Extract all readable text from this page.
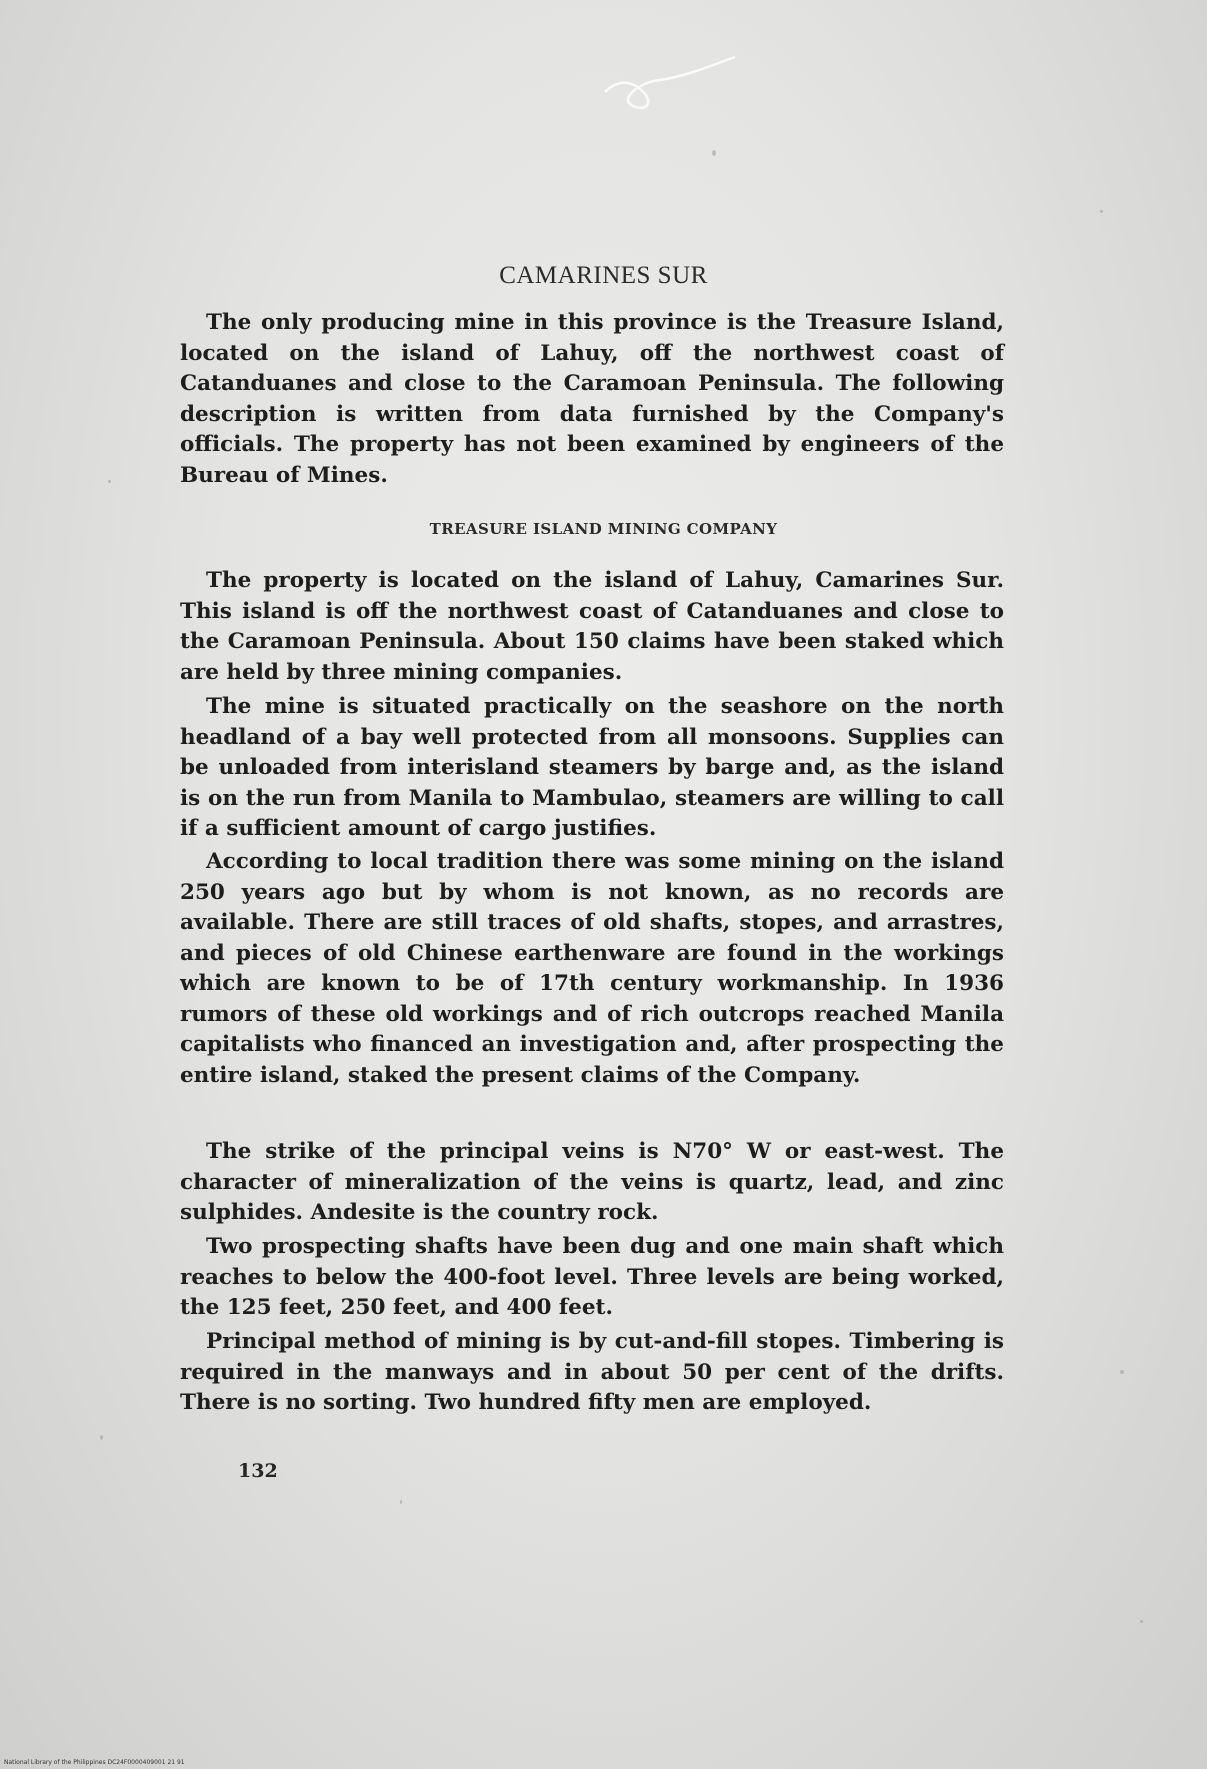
CAMARINES SUR

The only producing mine in this province is the Treasure Island, located on the island of Lahuy, off the northwest coast of Catanduanes and close to the Caramoan Peninsula. The following description is written from data furnished by the Company's officials. The property has not been examined by engineers of the Bureau of Mines.

TREASURE ISLAND MINING COMPANY

The property is located on the island of Lahuy, Camarines Sur. This island is off the northwest coast of Catanduanes and close to the Caramoan Peninsula. About 150 claims have been staked which are held by three mining companies.

The mine is situated practically on the seashore on the north headland of a bay well protected from all monsoons. Supplies can be unloaded from interisland steamers by barge and, as the island is on the run from Manila to Mambulao, steamers are willing to call if a sufficient amount of cargo justifies.

According to local tradition there was some mining on the island 250 years ago but by whom is not known, as no records are available. There are still traces of old shafts, stopes, and arrastres, and pieces of old Chinese earthenware are found in the workings which are known to be of 17th century workmanship. In 1936 rumors of these old workings and of rich outcrops reached Manila capitalists who financed an investigation and, after prospecting the entire island, staked the present claims of the Company.

The strike of the principal veins is N70° W or east-west. The character of mineralization of the veins is quartz, lead, and zinc sulphides. Andesite is the country rock.

Two prospecting shafts have been dug and one main shaft which reaches to below the 400-foot level. Three levels are being worked, the 125 feet, 250 feet, and 400 feet.

Principal method of mining is by cut-and-fill stopes. Timbering is required in the manways and in about 50 per cent of the drifts. There is no sorting. Two hundred fifty men are employed.

132
National Library of the Philippines DC24F0000409001 21 91
